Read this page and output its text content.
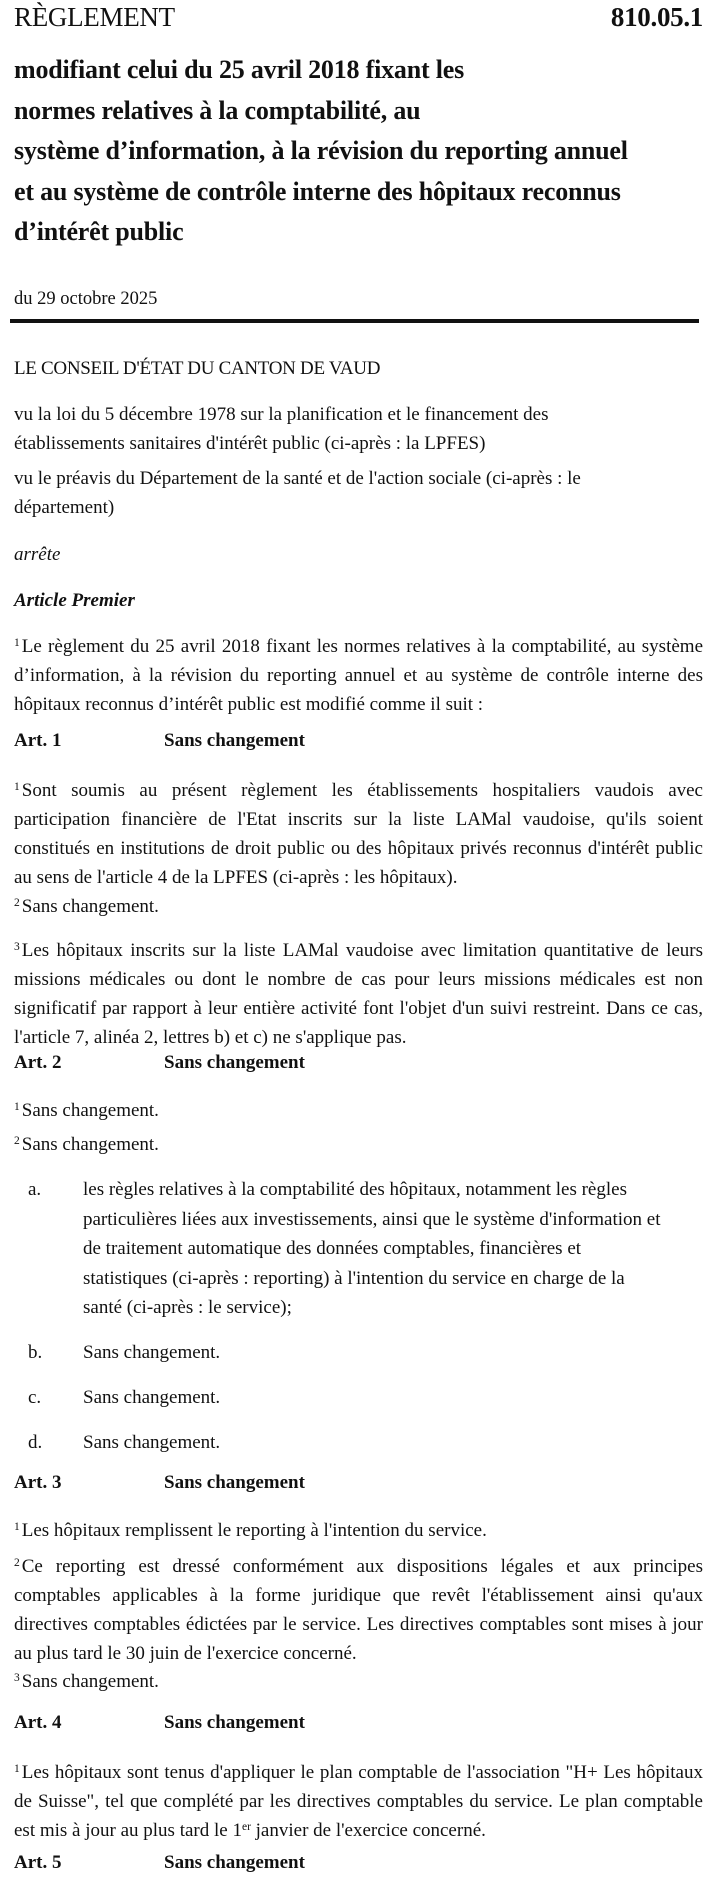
RÈGLEMENT	810.05.1
modifiant celui du 25 avril 2018 fixant les
normes relatives à la comptabilité, au
système d’information, à la révision du reporting annuel
et au système de contrôle interne des hôpitaux reconnus
d’intérêt public
du 29 octobre 2025
LE CONSEIL D'ÉTAT DU CANTON DE VAUD
vu la loi du 5 décembre 1978 sur la planification et le financement des établissements sanitaires d'intérêt public (ci-après : la LPFES)
vu le préavis du Département de la santé et de l'action sociale (ci-après : le département)
arrête
Article Premier
$^1$ Le règlement du 25 avril 2018 fixant les normes relatives à la comptabilité, au système d’information, à la révision du reporting annuel et au système de contrôle interne des hôpitaux reconnus d’intérêt public est modifié comme il suit :
Art. 1	Sans changement
$^1$ Sont soumis au présent règlement les établissements hospitaliers vaudois avec participation financière de l'Etat inscrits sur la liste LAMal vaudoise, qu'ils soient constitués en institutions de droit public ou des hôpitaux privés reconnus d'intérêt public au sens de l'article 4 de la LPFES (ci-après : les hôpitaux).
$^2$ Sans changement.
$^3$ Les hôpitaux inscrits sur la liste LAMal vaudoise avec limitation quantitative de leurs missions médicales ou dont le nombre de cas pour leurs missions médicales est non significatif par rapport à leur entière activité font l'objet d'un suivi restreint. Dans ce cas, l'article 7, alinéa 2, lettres b) et c) ne s'applique pas.
Art. 2	Sans changement
$^1$ Sans changement.
$^2$ Sans changement.
a.	les règles relatives à la comptabilité des hôpitaux, notamment les règles particulières liées aux investissements, ainsi que le système d'information et de traitement automatique des données comptables, financières et statistiques (ci-après : reporting) à l'intention du service en charge de la santé (ci-après : le service);
b.	Sans changement.
c.	Sans changement.
d.	Sans changement.
Art. 3	Sans changement
$^1$ Les hôpitaux remplissent le reporting à l'intention du service.
$^2$ Ce reporting est dressé conformément aux dispositions légales et aux principes comptables applicables à la forme juridique que revêt l'établissement ainsi qu'aux directives comptables édictées par le service. Les directives comptables sont mises à jour au plus tard le 30 juin de l'exercice concerné.
$^3$ Sans changement.
Art. 4	Sans changement
$^1$ Les hôpitaux sont tenus d'appliquer le plan comptable de l'association "H+ Les hôpitaux de Suisse", tel que complété par les directives comptables du service. Le plan comptable est mis à jour au plus tard le 1er janvier de l'exercice concerné.
Art. 5	Sans changement
